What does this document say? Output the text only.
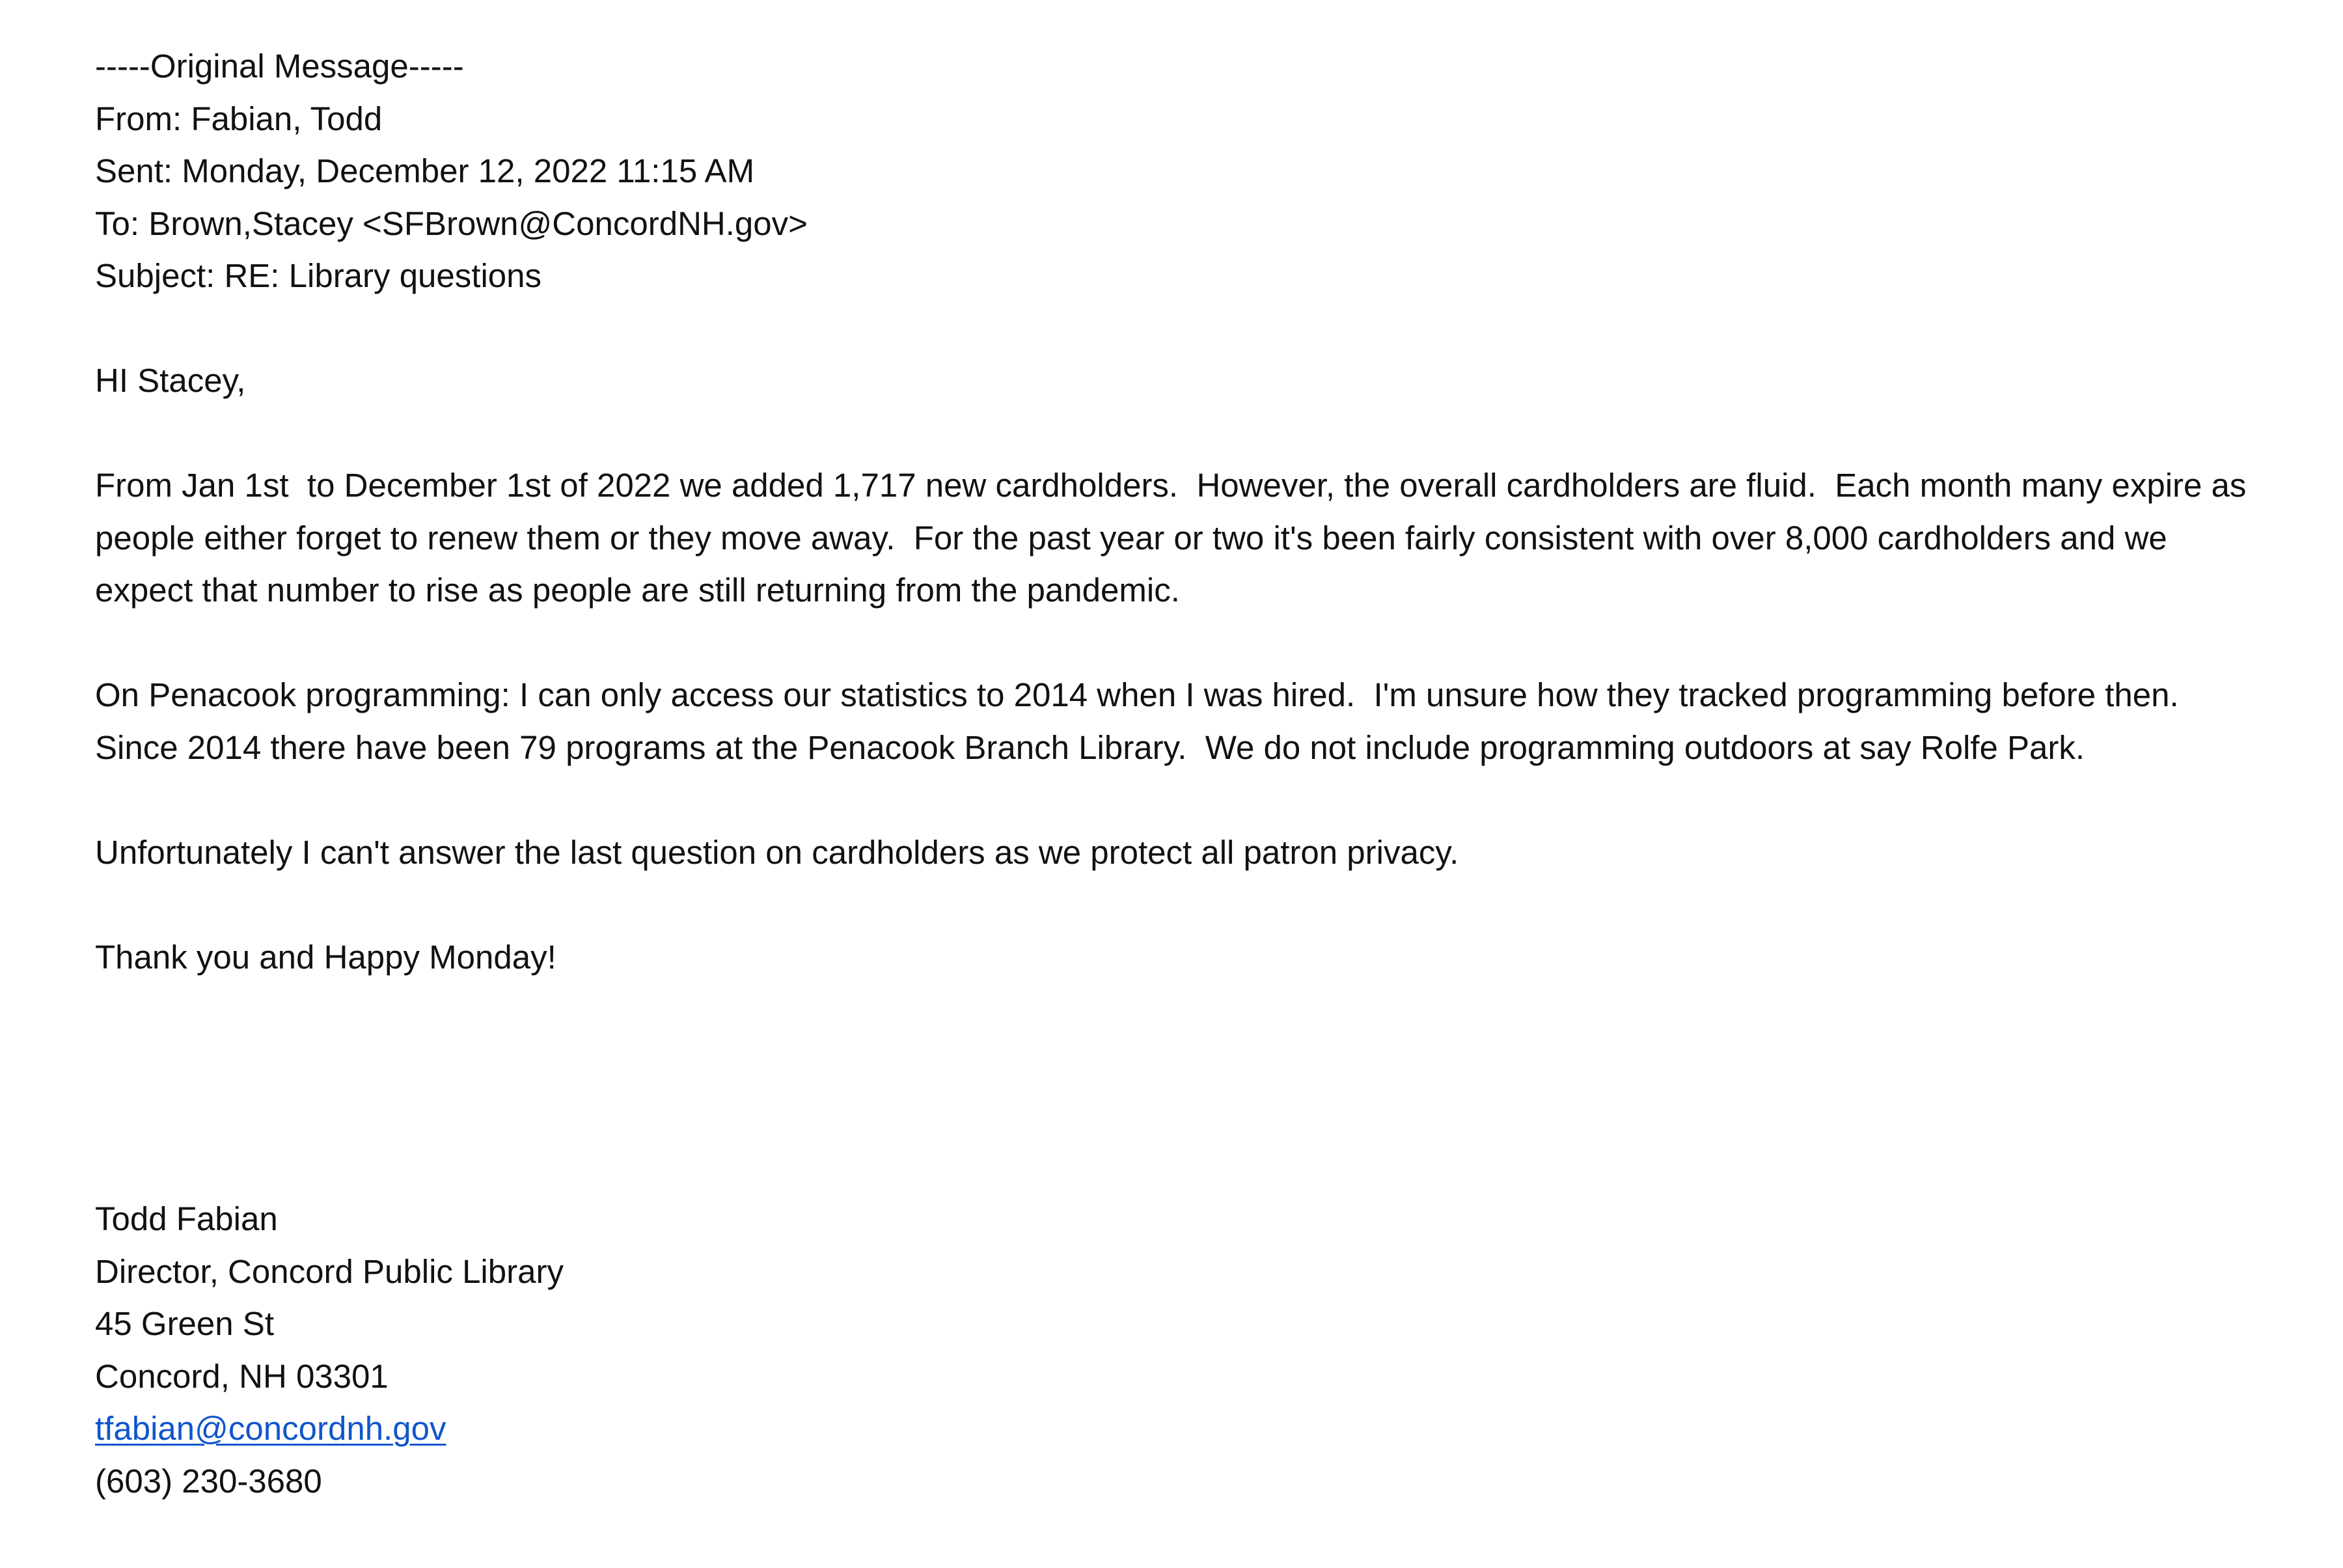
-----Original Message-----
From: Fabian, Todd
Sent: Monday, December 12, 2022 11:15 AM
To: Brown,Stacey <SFBrown@ConcordNH.gov>
Subject: RE: Library questions
HI Stacey,
From Jan 1st  to December 1st of 2022 we added 1,717 new cardholders.  However, the overall cardholders are fluid.  Each month many expire as people either forget to renew them or they move away.  For the past year or two it's been fairly consistent with over 8,000 cardholders and we expect that number to rise as people are still returning from the pandemic.
On Penacook programming: I can only access our statistics to 2014 when I was hired.  I'm unsure how they tracked programming before then.  Since 2014 there have been 79 programs at the Penacook Branch Library.  We do not include programming outdoors at say Rolfe Park.
Unfortunately I can't answer the last question on cardholders as we protect all patron privacy.
Thank you and Happy Monday!
Todd Fabian
Director, Concord Public Library
45 Green St
Concord, NH 03301
tfabian@concordnh.gov
(603) 230-3680
